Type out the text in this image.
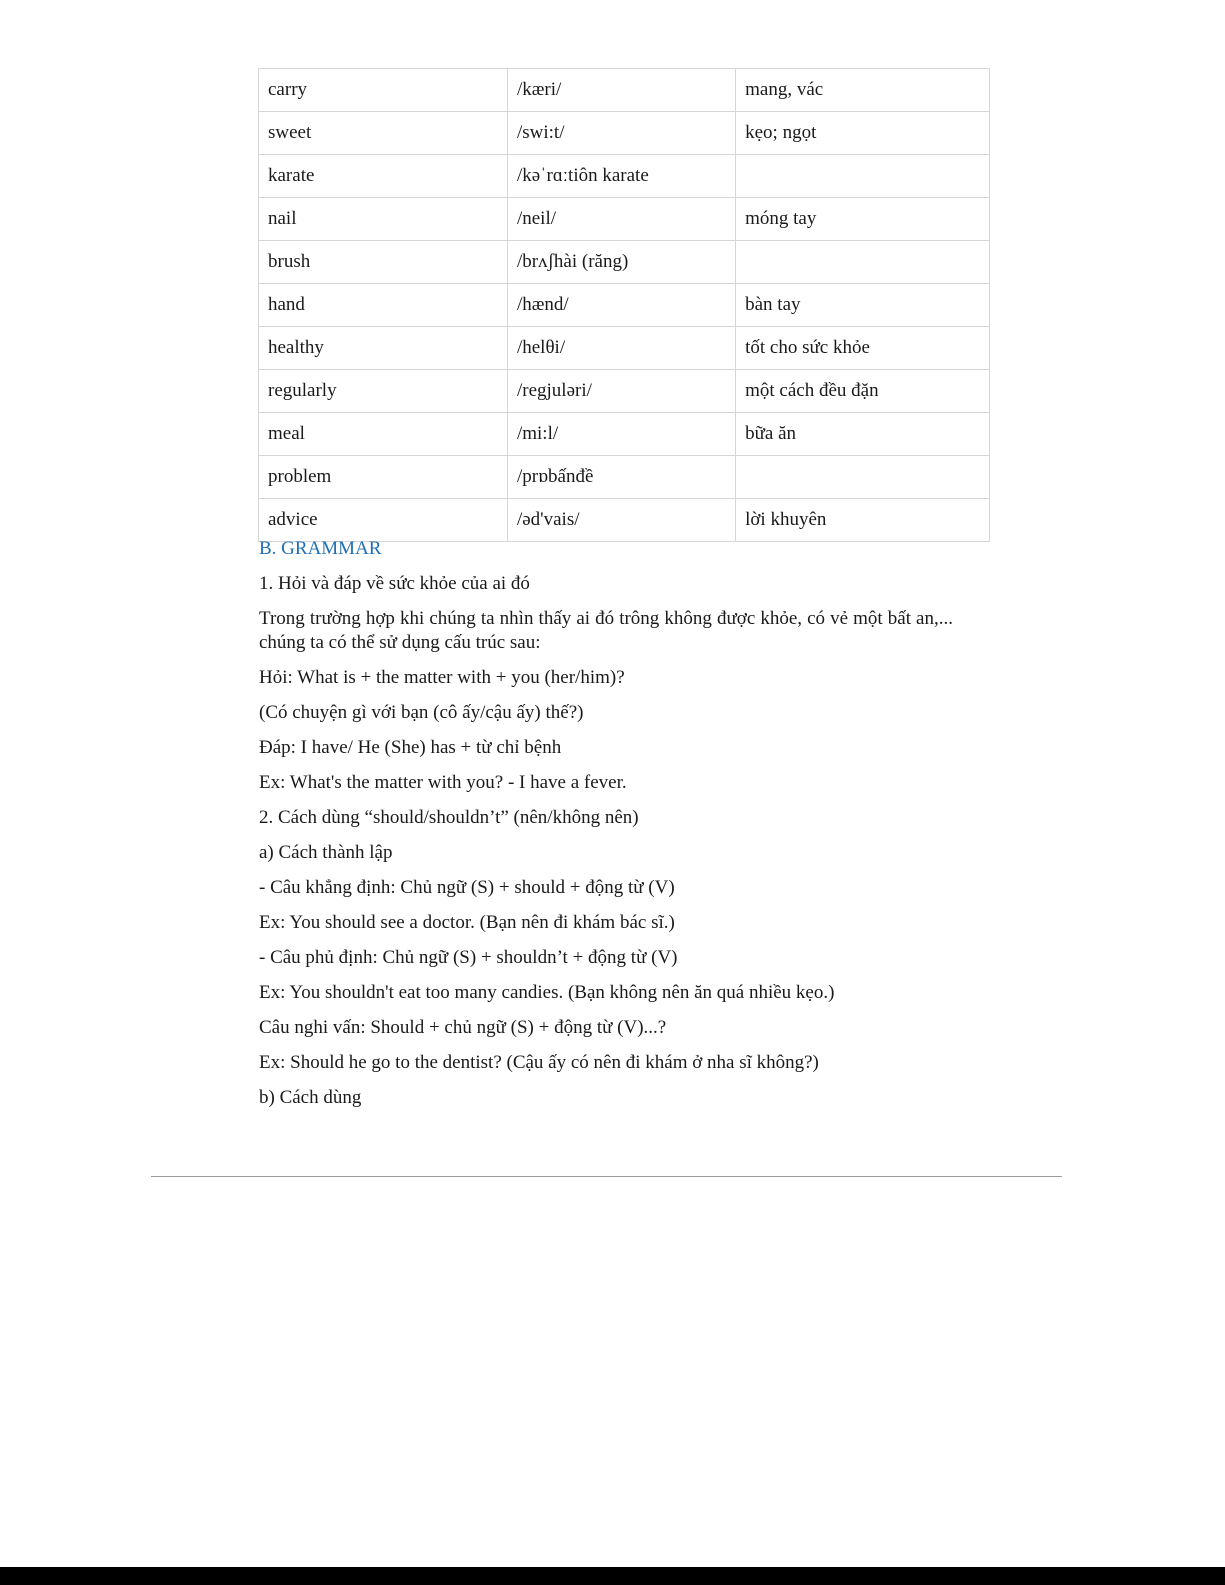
carry	/kæri/	mang, vác
sweet	/swi:t/	kẹo; ngọt
karate	/kəˈrɑːtiôn karate	
nail	/neil/	móng tay
brush	/brʌʃhài (răng)	
hand	/hænd/	bàn tay
healthy	/helθi/	tốt cho sức khỏe
regularly	/regjuləri/	một cách đều đặn
meal	/mi:l/	bữa ăn
problem	/prɒbấnđề	
advice	/əd'vais/	lời khuyên
B. GRAMMAR

1. Hỏi và đáp về sức khỏe của ai đó

Trong trường hợp khi chúng ta nhìn thấy ai đó trông không được khỏe, có vẻ một bất an,... chúng ta có thể sử dụng cấu trúc sau:

Hỏi: What is + the matter with + you (her/him)?

(Có chuyện gì với bạn (cô ấy/cậu ấy) thế?)

Đáp: I have/ He (She) has + từ chỉ bệnh

Ex: What's the matter with you? - I have a fever.

2. Cách dùng “should/shouldn’t” (nên/không nên)

a) Cách thành lập

- Câu khẳng định: Chủ ngữ (S) + should + động từ (V)

Ex: You should see a doctor. (Bạn nên đi khám bác sĩ.)

- Câu phủ định: Chủ ngữ (S) + shouldn’t + động từ (V)

Ex: You shouldn't eat too many candies. (Bạn không nên ăn quá nhiều kẹo.)

Câu nghi vấn: Should + chủ ngữ (S) + động từ (V)...?

Ex: Should he go to the dentist? (Cậu ấy có nên đi khám ở nha sĩ không?)

b) Cách dùng
